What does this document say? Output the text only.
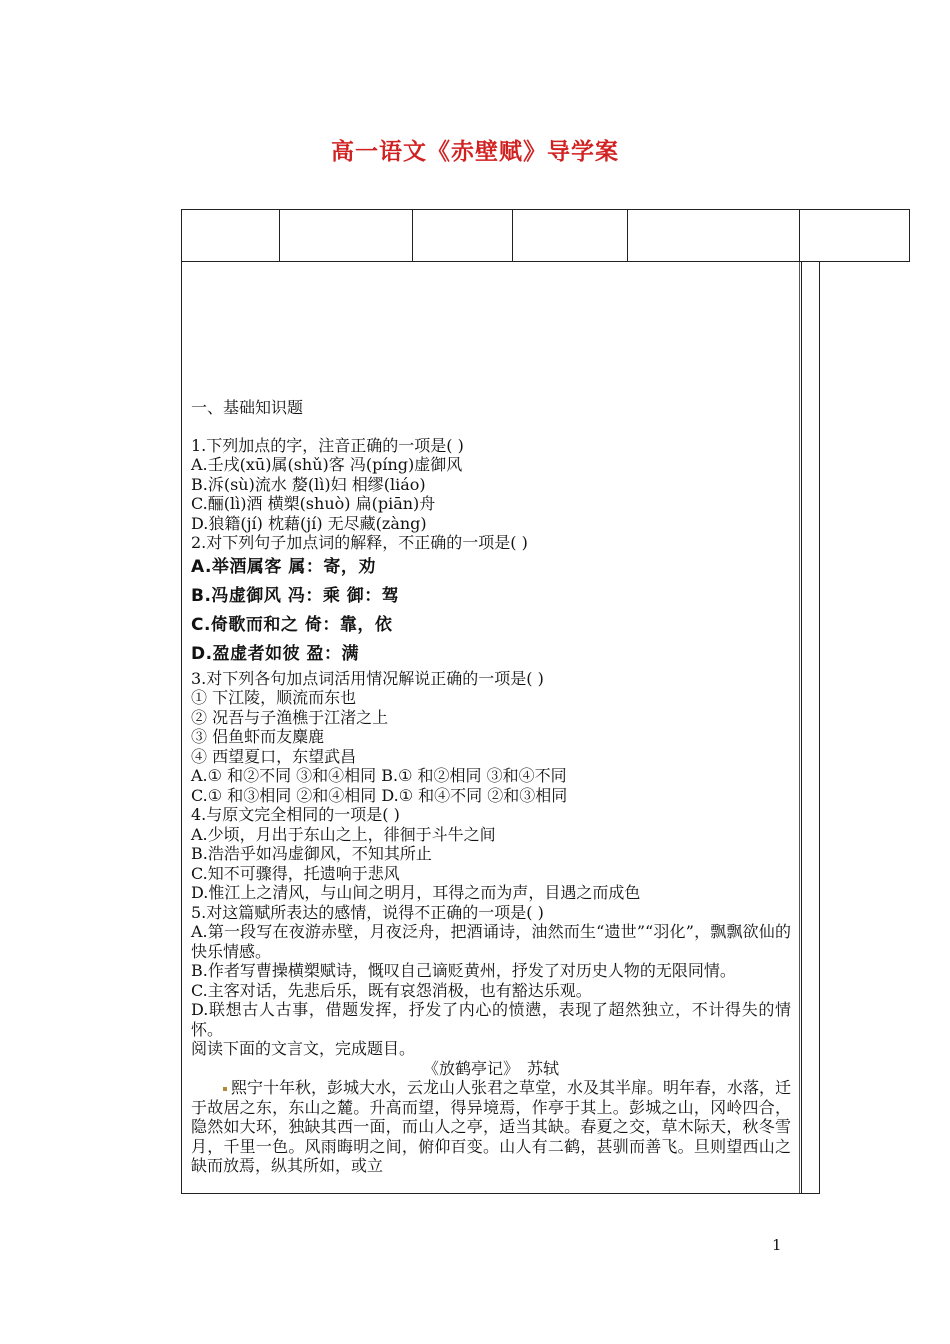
高一语文《赤壁赋》导学案
一、基础知识题
1.下列加点的字，注音正确的一项是( )
A.壬戌(xū)属(shǔ)客 冯(píng)虚御风
B.泝(sù)流水 嫠(lì)妇 相缪(liáo)
C.酾(lì)酒 横槊(shuò) 扁(piān)舟
D.狼籍(jí) 枕藉(jí) 无尽藏(zàng)
2.对下列句子加点词的解释，不正确的一项是( )
A.举酒属客 属：寄，劝
B.冯虚御风 冯：乘 御：驾
C.倚歌而和之 倚：靠，依
D.盈虚者如彼 盈：满
3.对下列各句加点词活用情况解说正确的一项是( )
① 下江陵，顺流而东也
② 况吾与子渔樵于江渚之上
③ 侣鱼虾而友麋鹿
④ 西望夏口，东望武昌
A.① 和②不同 ③和④相同 B.① 和②相同 ③和④不同
C.① 和③相同 ②和④相同 D.① 和④不同 ②和③相同
4.与原文完全相同的一项是( )
A.少顷，月出于东山之上，徘徊于斗牛之间
B.浩浩乎如冯虚御风，不知其所止
C.知不可骤得，托遗响于悲风
D.惟江上之清风，与山间之明月，耳得之而为声，目遇之而成色
5.对这篇赋所表达的感情，说得不正确的一项是( )
A.第一段写在夜游赤壁，月夜泛舟，把酒诵诗，油然而生“遗世”“羽化”，飘飘欲仙的快乐情感。
B.作者写曹操横槊赋诗，慨叹自己谪贬黄州，抒发了对历史人物的无限同情。
C.主客对话，先悲后乐，既有哀怨消极，也有豁达乐观。
D.联想古人古事，借题发挥，抒发了内心的愤懑，表现了超然独立，不计得失的情怀。
阅读下面的文言文，完成题目。
《放鹤亭记》　苏轼
熙宁十年秋，彭城大水，云龙山人张君之草堂，水及其半扉。明年春，水落，迁于故居之东，东山之麓。升高而望，得异境焉，作亭于其上。彭城之山，冈岭四合，隐然如大环，独缺其西一面，而山人之亭，适当其缺。春夏之交，草木际天，秋冬雪月，千里一色。风雨晦明之间，俯仰百变。山人有二鹤，甚驯而善飞。旦则望西山之缺而放焉，纵其所如，或立
1
